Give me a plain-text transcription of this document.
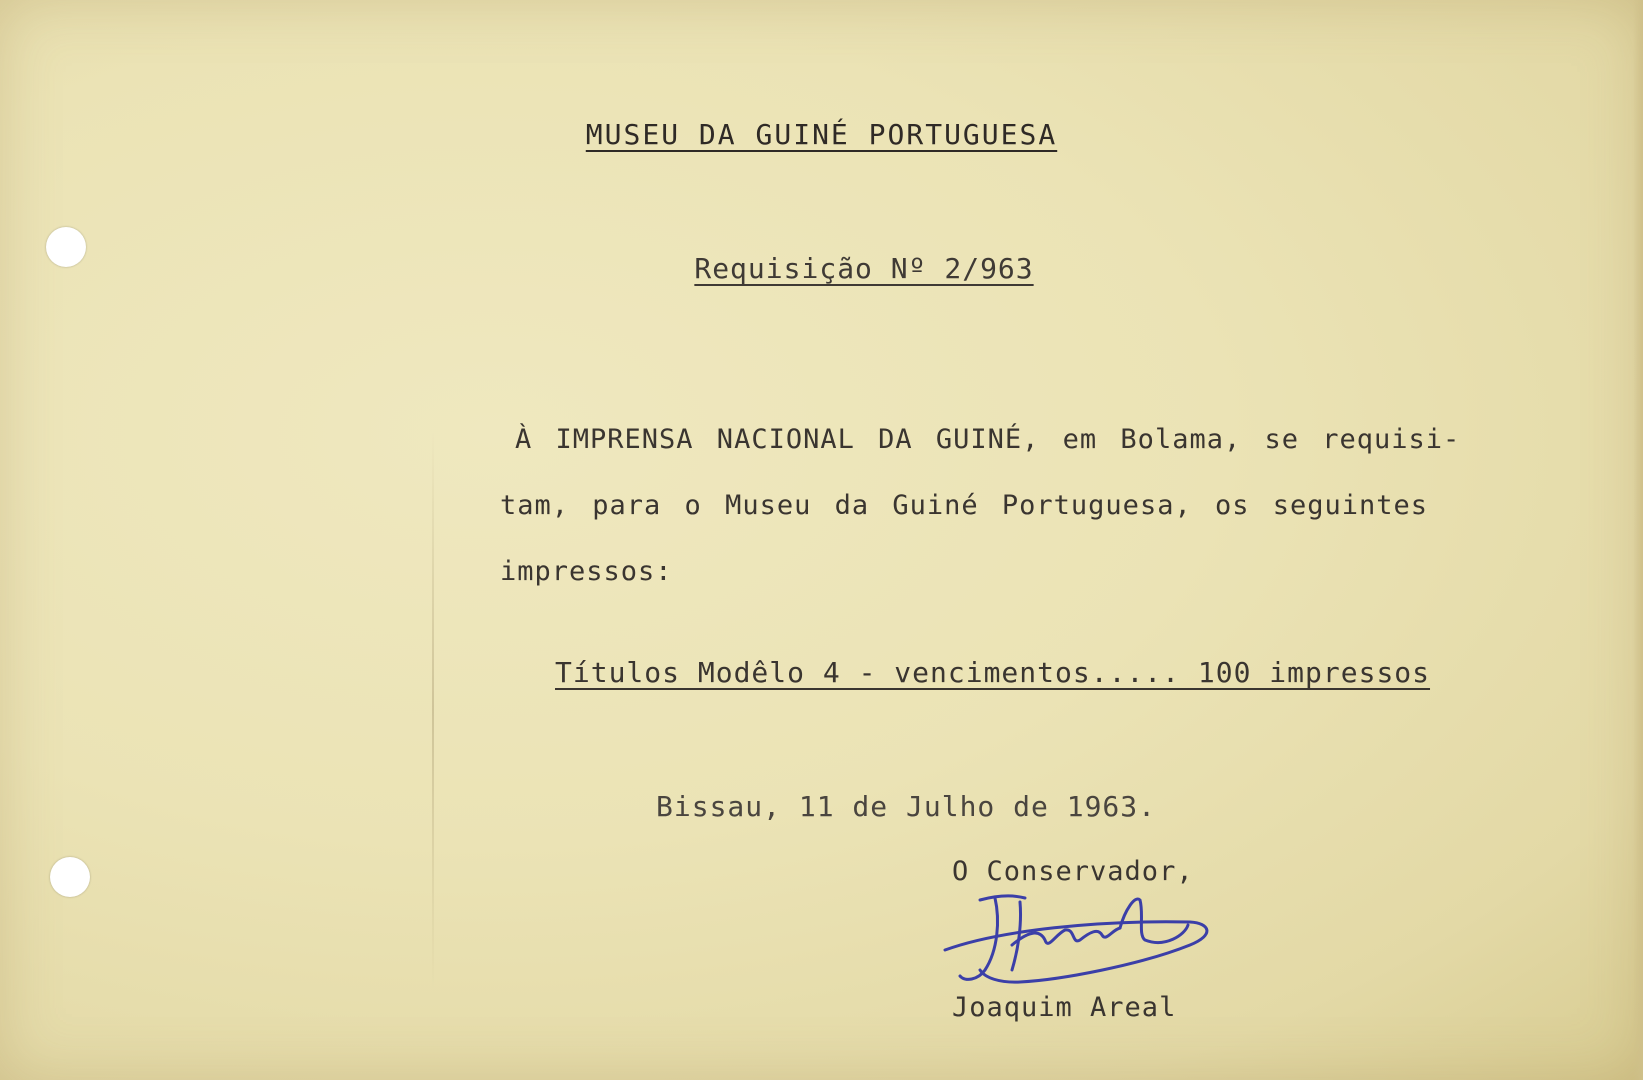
MUSEU DA GUINÉ PORTUGUESA
Requisição Nº 2/963
À IMPRENSA NACIONAL DA GUINÉ, em Bolama, se requisi-
tam, para o Museu da Guiné Portuguesa, os seguintes
impressos:
Títulos Modêlo 4 - vencimentos..... 100 impressos
Bissau, 11 de Julho de 1963.
O Conservador,
Joaquim Areal
